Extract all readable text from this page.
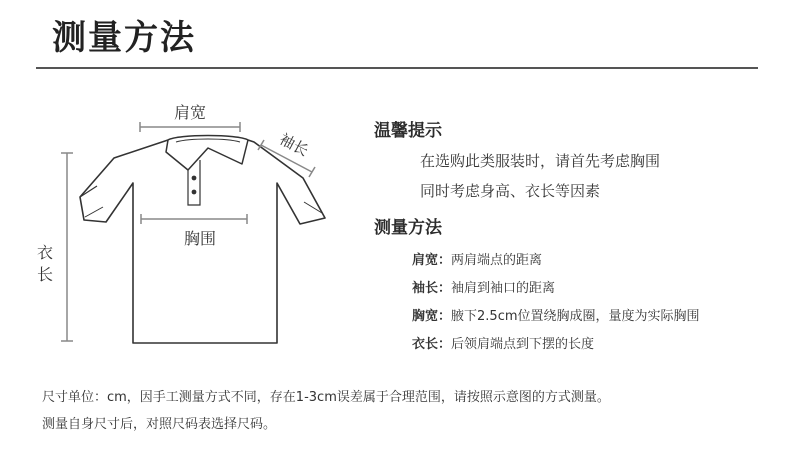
测量方法
肩宽
袖长
胸围
衣
长
温馨提示
在选购此类服装时，请首先考虑胸围
同时考虑身高、衣长等因素
测量方法
肩宽：两肩端点的距离
袖长：袖肩到袖口的距离
胸宽：腋下2.5cm位置绕胸成圈，量度为实际胸围
衣长：后领肩端点到下摆的长度
尺寸单位：cm，因手工测量方式不同，存在1-3cm误差属于合理范围，请按照示意图的方式测量。
测量自身尺寸后，对照尺码表选择尺码。
